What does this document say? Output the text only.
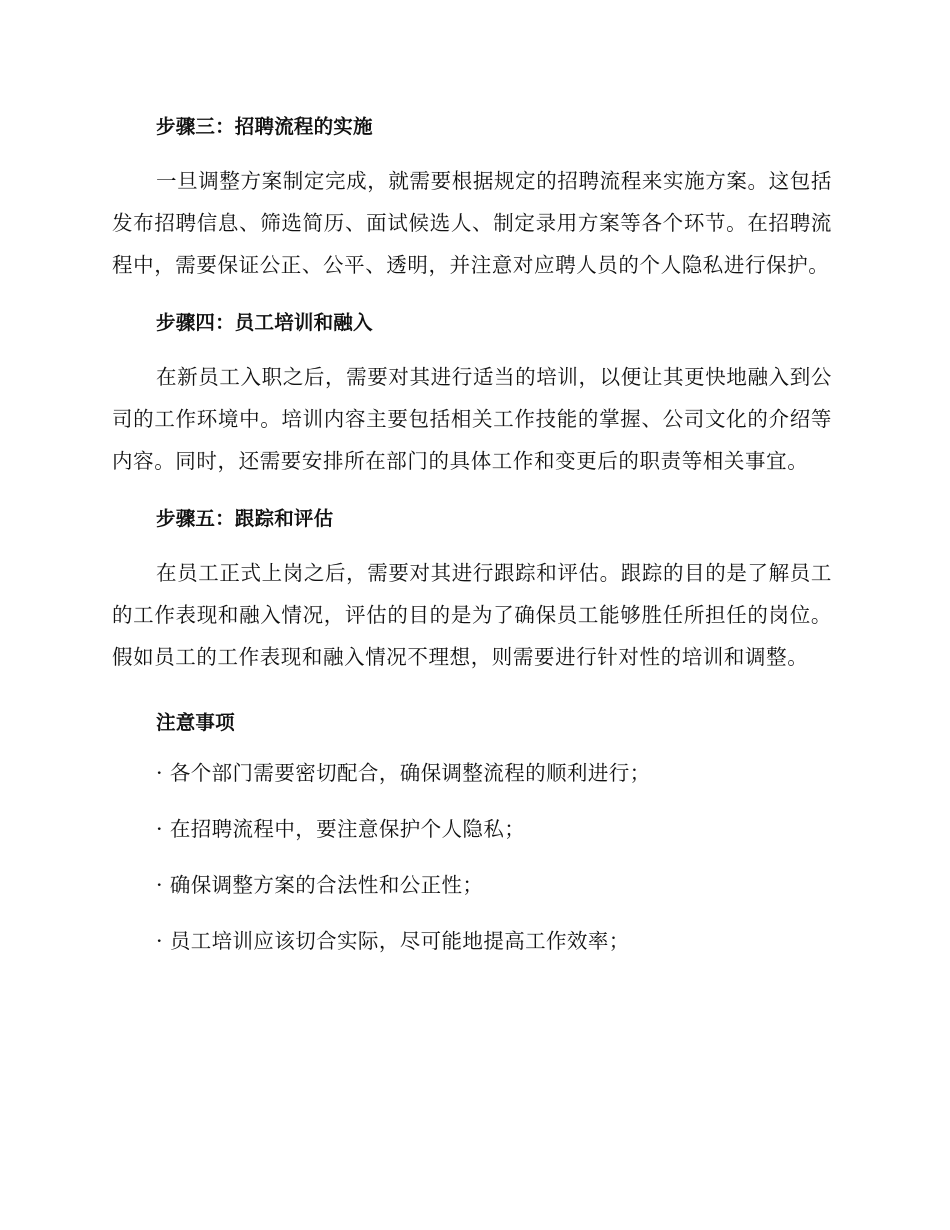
步骤三：招聘流程的实施

一旦调整方案制定完成，就需要根据规定的招聘流程来实施方案。这包括发布招聘信息、筛选简历、面试候选人、制定录用方案等各个环节。在招聘流程中，需要保证公正、公平、透明，并注意对应聘人员的个人隐私进行保护。

步骤四：员工培训和融入

在新员工入职之后，需要对其进行适当的培训，以便让其更快地融入到公司的工作环境中。培训内容主要包括相关工作技能的掌握、公司文化的介绍等内容。同时，还需要安排所在部门的具体工作和变更后的职责等相关事宜。

步骤五：跟踪和评估

在员工正式上岗之后，需要对其进行跟踪和评估。跟踪的目的是了解员工的工作表现和融入情况，评估的目的是为了确保员工能够胜任所担任的岗位。假如员工的工作表现和融入情况不理想，则需要进行针对性的培训和调整。

注意事项
· 各个部门需要密切配合，确保调整流程的顺利进行；
· 在招聘流程中，要注意保护个人隐私；
· 确保调整方案的合法性和公正性；
· 员工培训应该切合实际，尽可能地提高工作效率；
